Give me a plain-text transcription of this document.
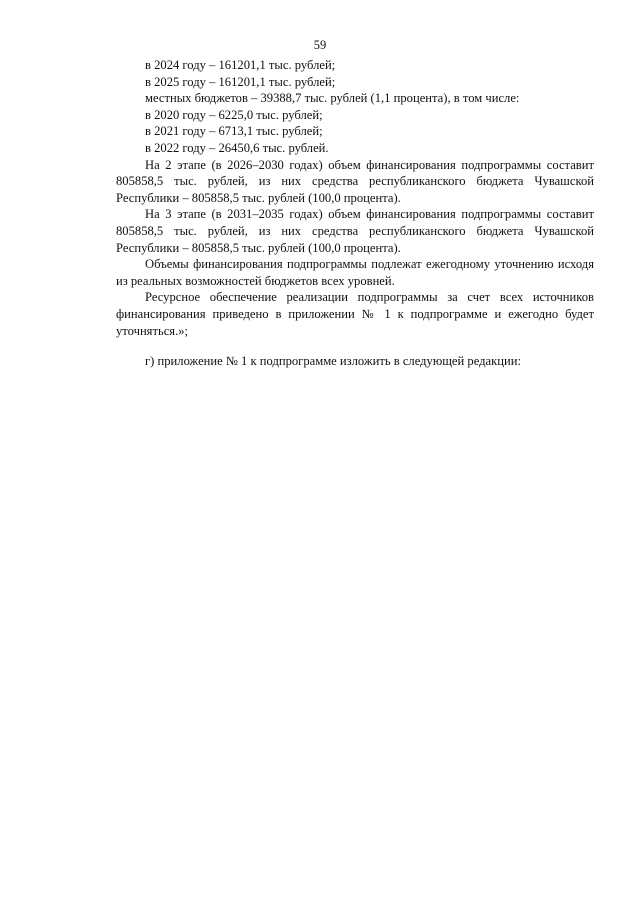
59

в 2024 году – 161201,1 тыс. рублей;

в 2025 году – 161201,1 тыс. рублей;

местных бюджетов – 39388,7 тыс. рублей (1,1 процента), в том числе:

в 2020 году – 6225,0 тыс. рублей;

в 2021 году – 6713,1 тыс. рублей;

в 2022 году – 26450,6 тыс. рублей.

На 2 этапе (в 2026–2030 годах) объем финансирования подпрограммы составит 805858,5 тыс. рублей, из них средства республиканского бюджета Чувашской Республики – 805858,5 тыс. рублей (100,0 процента).

На 3 этапе (в 2031–2035 годах) объем финансирования подпрограммы составит 805858,5 тыс. рублей, из них средства республиканского бюджета Чувашской Республики – 805858,5 тыс. рублей (100,0 процента).

Объемы финансирования подпрограммы подлежат ежегодному уточнению исходя из реальных возможностей бюджетов всех уровней.

Ресурсное обеспечение реализации подпрограммы за счет всех источников финансирования приведено в приложении № 1 к подпрограмме и ежегодно будет уточняться.»;

г) приложение № 1 к подпрограмме изложить в следующей редакции:
